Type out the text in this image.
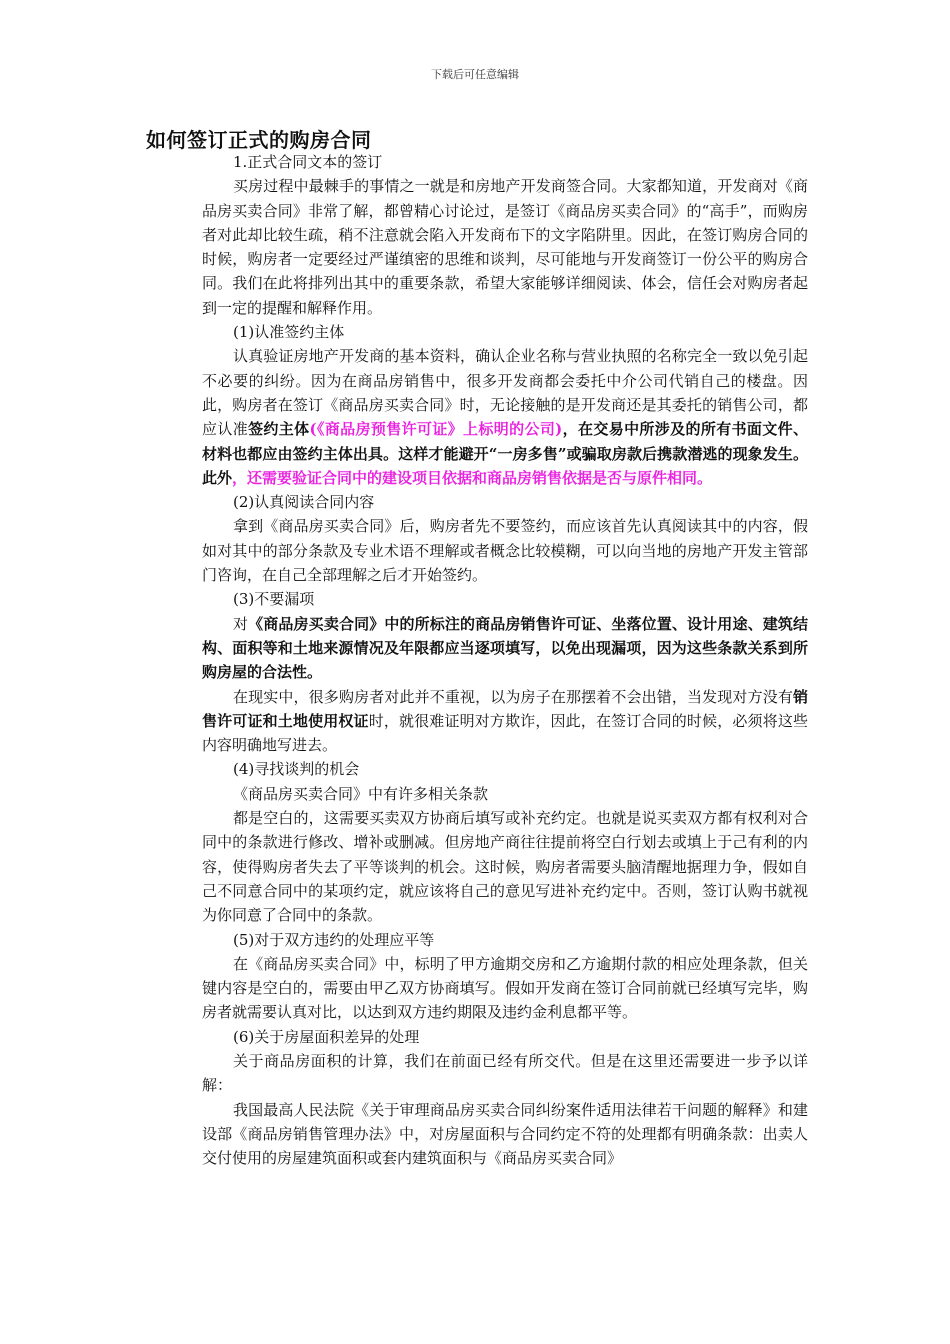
下载后可任意编辑
如何签订正式的购房合同

1.正式合同文本的签订

买房过程中最棘手的事情之一就是和房地产开发商签合同。大家都知道，开发商对《商品房买卖合同》非常了解，都曾精心讨论过，是签订《商品房买卖合同》的“高手”，而购房者对此却比较生疏，稍不注意就会陷入开发商布下的文字陷阱里。因此，在签订购房合同的时候，购房者一定要经过严谨缜密的思维和谈判，尽可能地与开发商签订一份公平的购房合同。我们在此将排列出其中的重要条款，希望大家能够详细阅读、体会，信任会对购房者起到一定的提醒和解释作用。

(1)认准签约主体

认真验证房地产开发商的基本资料，确认企业名称与营业执照的名称完全一致以免引起不必要的纠纷。因为在商品房销售中，很多开发商都会委托中介公司代销自己的楼盘。因此，购房者在签订《商品房买卖合同》时，无论接触的是开发商还是其委托的销售公司，都应认准签约主体(《商品房预售许可证》上标明的公司)，在交易中所涉及的所有书面文件、材料也都应由签约主体出具。这样才能避开“一房多售”或骗取房款后携款潜逃的现象发生。此外，还需要验证合同中的建设项目依据和商品房销售依据是否与原件相同。

(2)认真阅读合同内容

拿到《商品房买卖合同》后，购房者先不要签约，而应该首先认真阅读其中的内容，假如对其中的部分条款及专业术语不理解或者概念比较模糊，可以向当地的房地产开发主管部门咨询，在自己全部理解之后才开始签约。

(3)不要漏项

对《商品房买卖合同》中的所标注的商品房销售许可证、坐落位置、设计用途、建筑结构、面积等和土地来源情况及年限都应当逐项填写，以免出现漏项，因为这些条款关系到所购房屋的合法性。

在现实中，很多购房者对此并不重视，以为房子在那摆着不会出错，当发现对方没有销售许可证和土地使用权证时，就很难证明对方欺诈，因此，在签订合同的时候，必须将这些内容明确地写进去。

(4)寻找谈判的机会

《商品房买卖合同》中有许多相关条款

都是空白的，这需要买卖双方协商后填写或补充约定。也就是说买卖双方都有权利对合同中的条款进行修改、增补或删减。但房地产商往往提前将空白行划去或填上于己有利的内容，使得购房者失去了平等谈判的机会。这时候，购房者需要头脑清醒地据理力争，假如自己不同意合同中的某项约定，就应该将自己的意见写进补充约定中。否则，签订认购书就视为你同意了合同中的条款。

(5)对于双方违约的处理应平等

在《商品房买卖合同》中，标明了甲方逾期交房和乙方逾期付款的相应处理条款，但关键内容是空白的，需要由甲乙双方协商填写。假如开发商在签订合同前就已经填写完毕，购房者就需要认真对比，以达到双方违约期限及违约金利息都平等。

(6)关于房屋面积差异的处理

关于商品房面积的计算，我们在前面已经有所交代。但是在这里还需要进一步予以详解：

我国最高人民法院《关于审理商品房买卖合同纠纷案件适用法律若干问题的解释》和建设部《商品房销售管理办法》中，对房屋面积与合同约定不符的处理都有明确条款：出卖人交付使用的房屋建筑面积或套内建筑面积与《商品房买卖合同》
